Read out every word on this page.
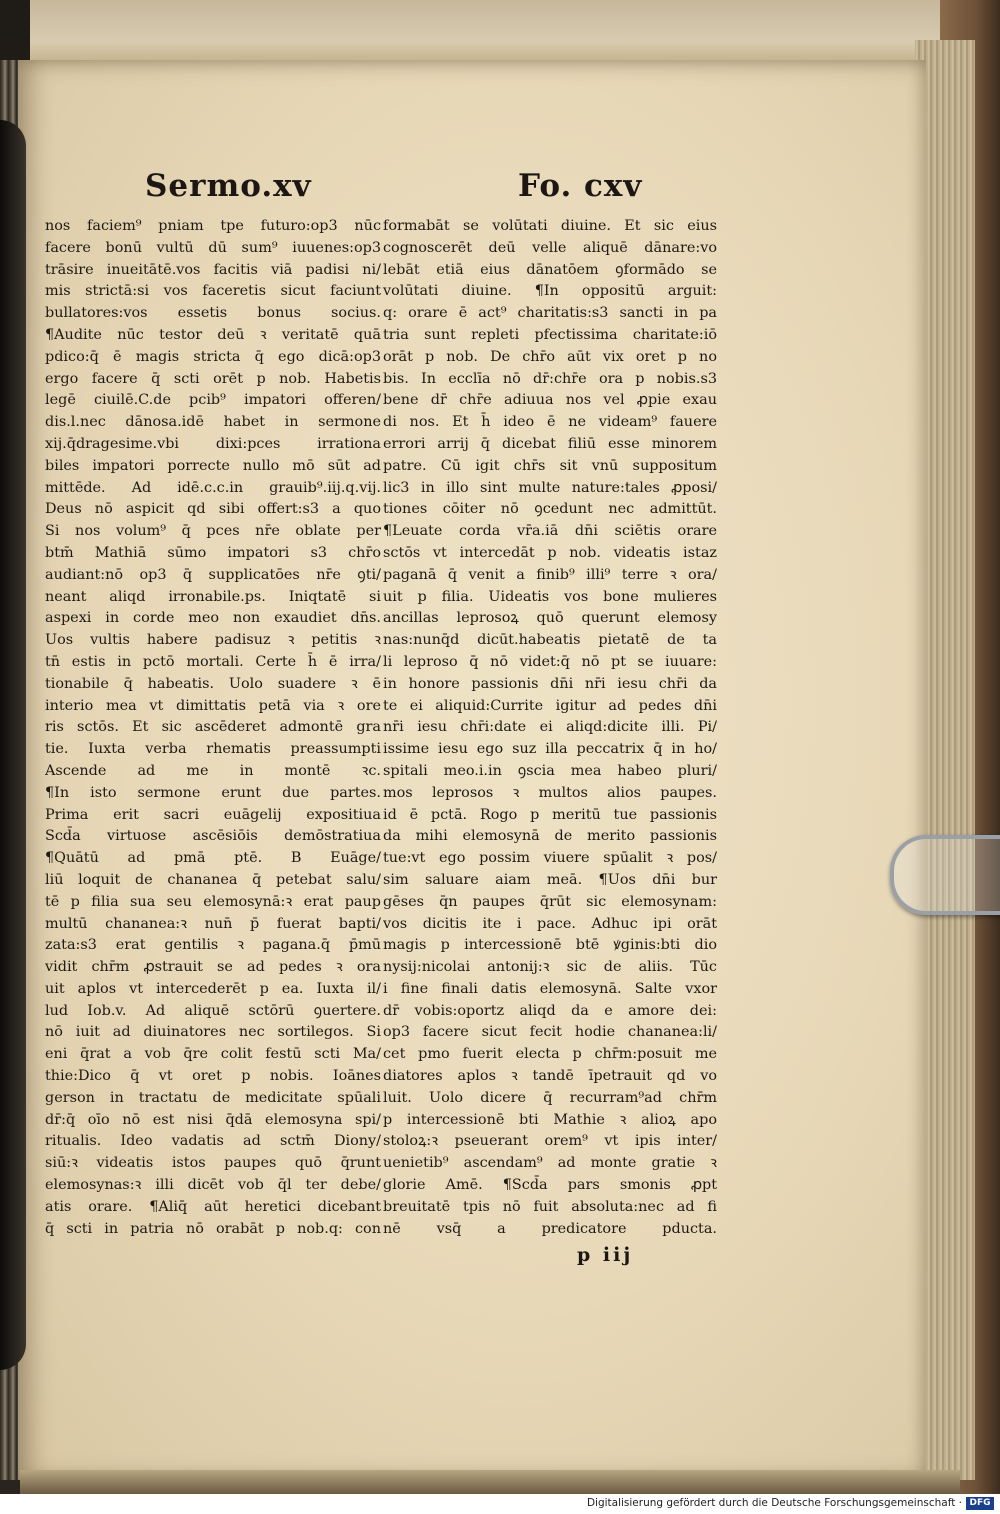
Sermo.xv	Fo. cxv
nos faciem⁹ pniam tpe futuro:op3 nūc
facere bonū vultū dū sum⁹ iuuenes:op3
trāsire inueitātē.vos facitis viā padisi ni/
mis strictā:si vos faceretis sicut faciunt
bullatores:vos essetis bonus socius.
¶Audite nūc testor deū ꝛ veritatē quā
pdico:q̄ ē magis stricta q̄ ego dicā:op3
ergo facere q̄ scti orēt p nob. Habetis
legē ciuilē.C.de pcib⁹ impatori offeren/
dis.l.nec dānosa.idē habet in sermone
xij.q̄dragesime.vbi dixi:pces irrationa
biles impatori porrecte nullo mō sūt ad
mittēde. Ad idē.c.c.in grauib⁹.iij.q.vij.
Deus nō aspicit qd sibi offert:s3 a quo
Si nos volum⁹ q̄ pces nr̄e oblate per
btm̄ Mathiā sūmo impatori s3 chr̄o
audiant:nō op3 q̄ supplicatōes nr̄e ꝯti/
neant aliqd irronabile.ps. Iniqtatē si
aspexi in corde meo non exaudiet dn̄s.
Uos vultis habere padisuz ꝛ petitis ꝛ
tn̄ estis in pctō mortali. Certe h̄ ē irra/
tionabile q̄ habeatis. Uolo suadere ꝛ ē
interio mea vt dimittatis petā via ꝛ ore
ris sctōs. Et sic ascēderet admontē gra
tie. Iuxta verba rhematis preassumpti
Ascende ad me in montē ꝛc.
¶In isto sermone erunt due partes.
Prima erit sacri euāgelij expositiua
Scd̄a virtuose ascēsiōis demōstratiua
¶Quātū ad pmā ptē. B Euāge/
liū loquit de chananea q̄ petebat salu/
tē p filia sua seu elemosynā:ꝛ erat paup
multū chananea:ꝛ nun̄ p̄ fuerat bapti/
zata:s3 erat gentilis ꝛ pagana.q̄ p̄mū
vidit chr̄m ꝓstrauit se ad pedes ꝛ ora
uit aplos vt intercederēt p ea. Iuxta il/
lud Iob.v. Ad aliquē sctōrū ꝯuertere.
nō iuit ad diuinatores nec sortilegos. Si
eni q̄rat a vob q̄re colit festū scti Ma/
thie:Dico q̄ vt oret p nobis. Ioānes
gerson in tractatu de medicitate spūali
dr̄:q̄ oīo nō est nisi q̄dā elemosyna spi/
ritualis. Ideo vadatis ad sctm̄ Diony/
siū:ꝛ videatis istos paupes quō q̄runt
elemosynas:ꝛ illi dicēt vob q̄l ter debe/
atis orare. ¶Aliq̄ aūt heretici dicebant
q̄ scti in patria nō orabāt p nob.q: con
formabāt se volūtati diuine. Et sic eius
cognoscerēt deū velle aliquē dānare:vo
lebāt etiā eius dānatōem ꝯformādo se
volūtati diuine. ¶In oppositū arguit:
q: orare ē act⁹ charitatis:s3 sancti in pa
tria sunt repleti pfectissima charitate:iō
orāt p nob. De chr̄o aūt vix oret p no
bis. In ecclīa nō dr̄:chr̄e ora p nobis.s3
bene dr̄ chr̄e adiuua nos vel ꝓpie exau
di nos. Et h̄ ideo ē ne videam⁹ fauere
errori arrij q̄ dicebat filiū esse minorem
patre. Cū igit chr̄s sit vnū suppositum
lic3 in illo sint multe nature:tales ꝓposi/
tiones cōiter nō ꝯcedunt nec admittūt.
¶Leuate corda vr̄a.iā dn̄i sciētis orare
sctōs vt intercedāt p nob. videatis istaz
paganā q̄ venit a finib⁹ illi⁹ terre ꝛ ora/
uit p filia. Uideatis vos bone mulieres
ancillas leprosoꝝ quō querunt elemosy
nas:nunq̄d dicūt.habeatis pietatē de ta
li leproso q̄ nō videt:q̄ nō pt se iuuare:
in honore passionis dn̄i nr̄i iesu chr̄i da
te ei aliquid:Currite igitur ad pedes dn̄i
nr̄i iesu chr̄i:date ei aliqd:dicite illi. Pi/
issime iesu ego suz illa peccatrix q̄ in ho/
spitali meo.i.in ꝯscia mea habeo pluri/
mos leprosos ꝛ multos alios paupes.
id ē pctā. Rogo p meritū tue passionis
da mihi elemosynā de merito passionis
tue:vt ego possim viuere spūalit ꝛ pos/
sim saluare aiam meā. ¶Uos dn̄i bur
gēses q̄n paupes q̄rūt sic elemosynam:
vos dicitis ite i pace. Adhuc ipi orāt
magis p intercessionē btē ꝟginis:bti dio
nysij:nicolai antonij:ꝛ sic de aliis. Tūc
i fine finali datis elemosynā. Salte vxor
dr̄ vobis:oportz aliqd da e amore dei:
op3 facere sicut fecit hodie chananea:li/
cet pmo fuerit electa p chr̄m:posuit me
diatores aplos ꝛ tandē īpetrauit qd vo
luit. Uolo dicere q̄ recurram⁹ad chr̄m
p intercessionē bti Mathie ꝛ alioꝝ apo
stoloꝝ:ꝛ pseuerant orem⁹ vt ipis inter/
uenietib⁹ ascendam⁹ ad monte gratie ꝛ
glorie Amē. ¶Scd̄a pars smonis ꝓpt
breuitatē tpis nō fuit absoluta:nec ad fi
nē vsq̄ a predicatore pducta.
p iij
Digitalisierung gefördert durch die Deutsche Forschungsgemeinschaft · DFG
